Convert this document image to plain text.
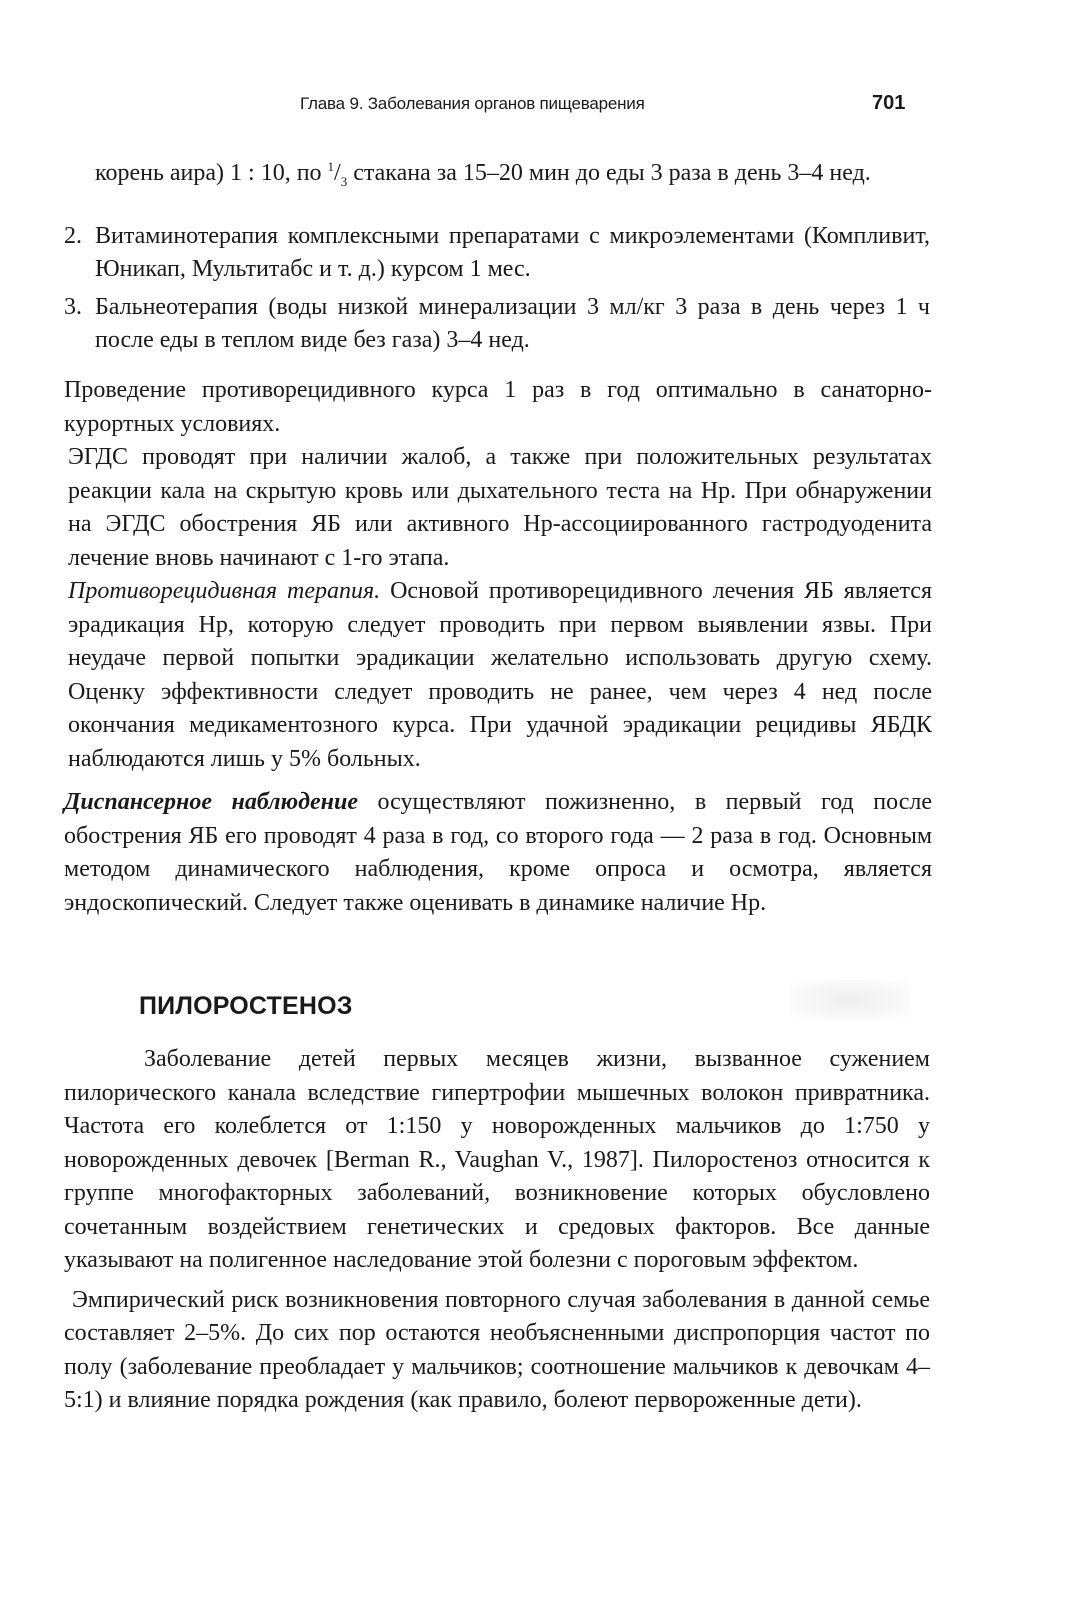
Глава 9. Заболевания органов пищеварения	701
корень аира) 1 : 10, по $^1/_3$ стакана за 15–20 мин до еды 3 раза в день 3–4 нед.
2. Витаминотерапия комплексными препаратами с микроэлементами (Компливит, Юникап, Мультитабс и т. д.) курсом 1 мес.
3. Бальнеотерапия (воды низкой минерализации 3 мл/кг 3 раза в день через 1 ч после еды в теплом виде без газа) 3–4 нед.

Проведение противорецидивного курса 1 раз в год оптимально в санаторно-курортных условиях.

ЭГДС проводят при наличии жалоб, а также при положительных результатах реакции кала на скрытую кровь или дыхательного теста на Hp. При обнаружении на ЭГДС обострения ЯБ или активного Hp-ассоциированного гастродуоденита лечение вновь начинают с 1-го этапа.

Противорецидивная терапия. Основой противорецидивного лечения ЯБ является эрадикация Hp, которую следует проводить при первом выявлении язвы. При неудаче первой попытки эрадикации желательно использовать другую схему. Оценку эффективности следует проводить не ранее, чем через 4 нед после окончания медикаментозного курса. При удачной эрадикации рецидивы ЯБДК наблюдаются лишь у 5% больных.

Диспансерное наблюдение осуществляют пожизненно, в первый год после обострения ЯБ его проводят 4 раза в год, со второго года — 2 раза в год. Основным методом динамического наблюдения, кроме опроса и осмотра, является эндоскопический. Следует также оценивать в динамике наличие Hp.

ПИЛОРОСТЕНОЗ

Заболевание детей первых месяцев жизни, вызванное сужением пилорического канала вследствие гипертрофии мышечных волокон привратника. Частота его колеблется от 1:150 у новорожденных мальчиков до 1:750 у новорожденных девочек [Berman R., Vaughan V., 1987]. Пилоростеноз относится к группе многофакторных заболеваний, возникновение которых обусловлено сочетанным воздействием генетических и средовых факторов. Все данные указывают на полигенное наследование этой болезни с пороговым эффектом.

Эмпирический риск возникновения повторного случая заболевания в данной семье составляет 2–5%. До сих пор остаются необъясненными диспропорция частот по полу (заболевание преобладает у мальчиков; соотношение мальчиков к девочкам 4–5:1) и влияние порядка рождения (как правило, болеют первороженные дети).
